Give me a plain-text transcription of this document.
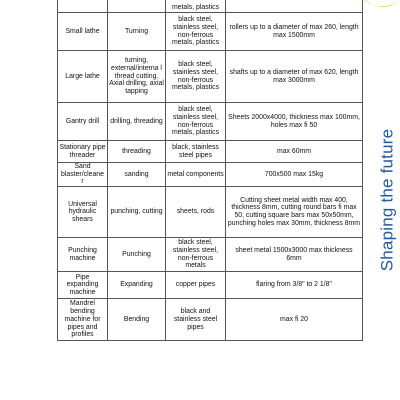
Shaping the future
		metals, plastics	
Small lathe	Turning	black steel, stainless steel, non-ferrous metals, plastics	rollers up to a diameter of max 260, length max 1500mm
Large lathe	turning, external/interna l thread cutting. Axial drilling, axial tapping	black steel, stainless steel, non-ferrous metals, plastics	shafts up to a diameter of max 620, length max 3000mm
Gantry drill	drilling, threading	black steel, stainless steel, non-ferrous metals, plastics	Sheets 2000x4000, thickness max 100mm, holes max fi 50
Stationary pipe threader	threading	black, stainless steel pipes	max 60mm
Sand blaster/cleane r	sanding	metal components	700x500 max 15kg
Universal hydraulic shears	punching, cutting	sheets, rods	Cutting sheet metal width max 400, thickness 8mm, cutting round bars fi max 50, cutting square bars max 50x50mm, punching holes max 30mm, thickness 8mm
Punching machine	Punching	black steel, stainless steel, non-ferrous metals	sheet metal 1500x3000 max thickness 6mm
Pipe expanding machine	Expanding	copper pipes	flaring from 3/8" to 2 1/8"
Mandrel bending machine for pipes and profiles	Bending	black and stainless steel pipes	max fi 20
